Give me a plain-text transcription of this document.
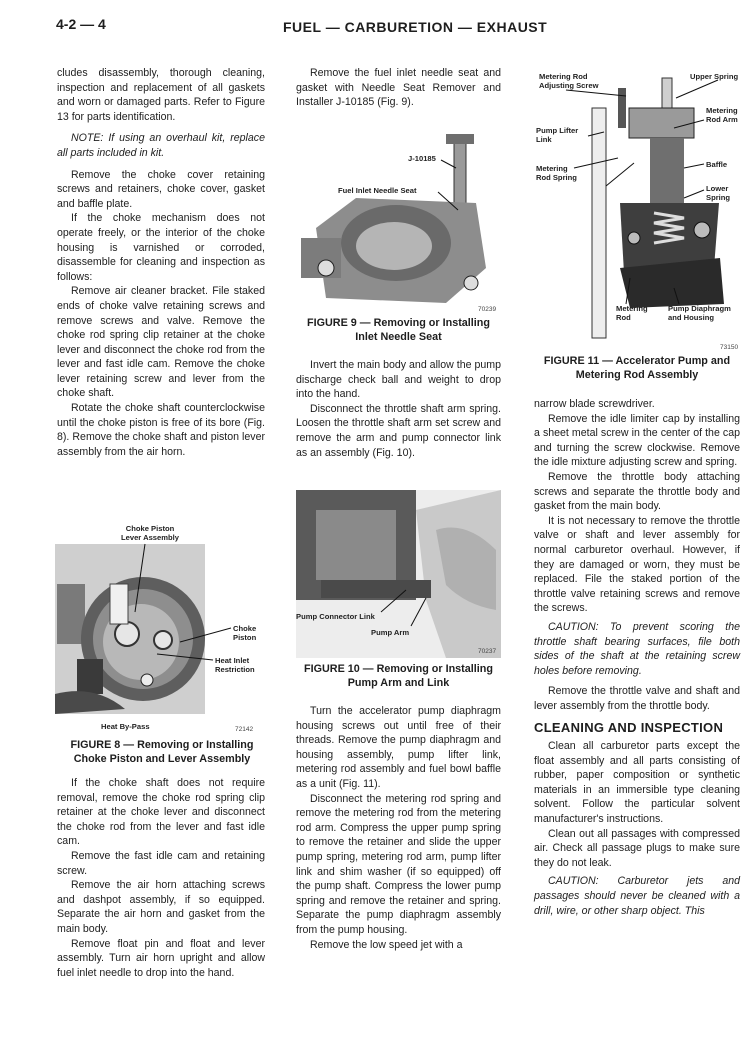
4-2 — 4	FUEL — CARBURETION — EXHAUST

cludes disassembly, thorough cleaning, inspection and replacement of all gaskets and worn or damaged parts. Refer to Figure 13 for parts identification.

NOTE: If using an overhaul kit, replace all parts included in kit.

Remove the choke cover retaining screws and retainers, choke cover, gasket and baffle plate.

If the choke mechanism does not operate freely, or the interior of the choke housing is varnished or corroded, disassemble for cleaning and inspection as follows:

Remove air cleaner bracket. File staked ends of choke valve retaining screws and remove screws and valve. Remove the choke rod spring clip retainer at the choke lever and disconnect the choke rod from the lever and fast idle cam. Remove the choke lever retaining screw and lever from the choke shaft.

Rotate the choke shaft counterclockwise until the choke piston is free of its bore (Fig. 8). Remove the choke shaft and piston lever assembly from the air horn.

Choke Piston
Lever Assembly
Choke
Piston
Heat Inlet
Restriction
Heat By-Pass	72142
FIGURE 8 — Removing or Installing
Choke Piston and Lever Assembly

If the choke shaft does not require removal, remove the choke rod spring clip retainer at the choke lever and disconnect the choke rod from the lever and fast idle cam.

Remove the fast idle cam and retaining screw.

Remove the air horn attaching screws and dashpot assembly, if so equipped. Separate the air horn and gasket from the main body.

Remove float pin and float and lever assembly. Turn air horn upright and allow fuel inlet needle to drop into the hand.

Remove the fuel inlet needle seat and gasket with Needle Seat Remover and Installer J-10185 (Fig. 9).

J-10185
Fuel Inlet Needle Seat
70239
FIGURE 9 — Removing or Installing
Inlet Needle Seat

Invert the main body and allow the pump discharge check ball and weight to drop into the hand.

Disconnect the throttle shaft arm spring. Loosen the throttle shaft arm set screw and remove the arm and pump connector link as an assembly (Fig. 10).

Pump Connector Link
Pump Arm
70237
FIGURE 10 — Removing or Installing
Pump Arm and Link

Turn the accelerator pump diaphragm housing screws out until free of their threads. Remove the pump diaphragm and housing assembly, pump lifter link, metering rod assembly and fuel bowl baffle as a unit (Fig. 11).

Disconnect the metering rod spring and remove the metering rod from the metering rod arm. Compress the upper pump spring to remove the retainer and slide the upper pump spring, metering rod arm, pump lifter link and shim washer (if so equipped) off the pump shaft. Compress the lower pump spring and remove the retainer and spring. Separate the pump diaphragm assembly from the pump housing.

Remove the low speed jet with a

Metering Rod
Adjusting Screw
Upper Spring
Metering
Rod Arm
Pump Lifter
Link
Baffle
Metering
Rod Spring
Lower
Spring
Metering
Rod
Pump Diaphragm
and Housing
73150
FIGURE 11 — Accelerator Pump and
Metering Rod Assembly

narrow blade screwdriver.

Remove the idle limiter cap by installing a sheet metal screw in the center of the cap and turning the screw clockwise. Remove the idle mixture adjusting screw and spring.

Remove the throttle body attaching screws and separate the throttle body and gasket from the main body.

It is not necessary to remove the throttle valve or shaft and lever assembly for normal carburetor overhaul. However, if they are damaged or worn, they must be replaced. File the staked portion of the throttle valve retaining screws and remove the screws.

CAUTION: To prevent scoring the throttle shaft bearing surfaces, file both sides of the shaft at the retaining screw holes before removing.

Remove the throttle valve and shaft and lever assembly from the throttle body.

CLEANING AND INSPECTION

Clean all carburetor parts except the float assembly and all parts consisting of rubber, paper composition or synthetic materials in an immersible type cleaning solvent. Follow the particular solvent manufacturer's instructions.

Clean out all passages with compressed air. Check all passage plugs to make sure they do not leak.

CAUTION: Carburetor jets and passages should never be cleaned with a drill, wire, or other sharp object. This
